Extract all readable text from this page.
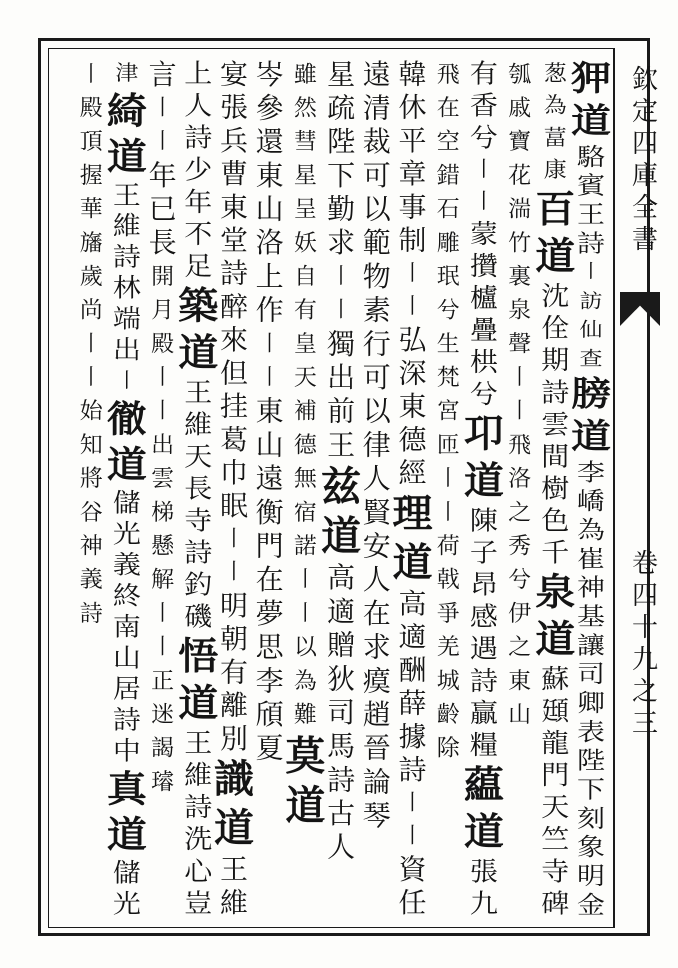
欽
定
四
庫
全
書
卷
四
十
九
之
三
狎
道
駱
賓
王
詩
丨
訪
仙
查
膀
道
李
嶠
為
崔
神
基
讓
司
卿
表
陛
下
刻
象
明
金
葱
為
葍
康
百
道
沈
佺
期
詩
雲
間
樹
色
千
泉
道
蘇
頲
龍
門
天
竺
寺
碑
瓠
戚
寶
花
湍
竹
裏
泉
聲
丨
丨
飛
洛
之
秀
兮
伊
之
東
山
有
香
兮
丨
丨
蒙
攢
櫨
疊
栱
兮
卭
道
陳
子
昂
感
遇
詩
贏
糧
藴
道
張
九
飛
在
空
錯
石
雕
珉
兮
生
梵
宮
匝
丨
丨
荷
戟
爭
羌
城
齡
除
韓
休
平
章
事
制
丨
丨
弘
深
東
德
經
理
道
高
適
酬
薛
據
詩
丨
丨
資
任
遠
清
裁
可
以
範
物
素
行
可
以
律
人
賢
安
人
在
求
瘼
趙
晉
論
琴
星
疏
陛
下
勤
求
丨
丨
獨
出
前
王
兹
道
高
適
贈
狄
司
馬
詩
古
人
雖
然
彗
星
呈
妖
自
有
皇
天
補
德
無
宿
諾
丨
丨
以
為
難
莫
道
岑
參
還
東
山
洛
上
作
丨
丨
東
山
遠
衡
門
在
夢
思
李
頎
夏
宴
張
兵
曹
東
堂
詩
醉
來
但
挂
葛
巾
眠
丨
丨
明
朝
有
離
別
識
道
王
維
上
人
詩
少
年
不
足
築
道
王
維
天
長
寺
詩
釣
磯
悟
道
王
維
詩
洗
心
豈
言
丨
丨
年
已
長
開
月
殿
丨
丨
出
雲
梯
懸
解
丨
丨
正
迷
謁
璿
津
綺
道
王
維
詩
林
端
出
丨
徹
道
儲
光
義
終
南
山
居
詩
中
真
道
儲
光
丨
殿
頂
握
華
旛
歲
尚
丨
丨
始
知
將
谷
神
義
詩
